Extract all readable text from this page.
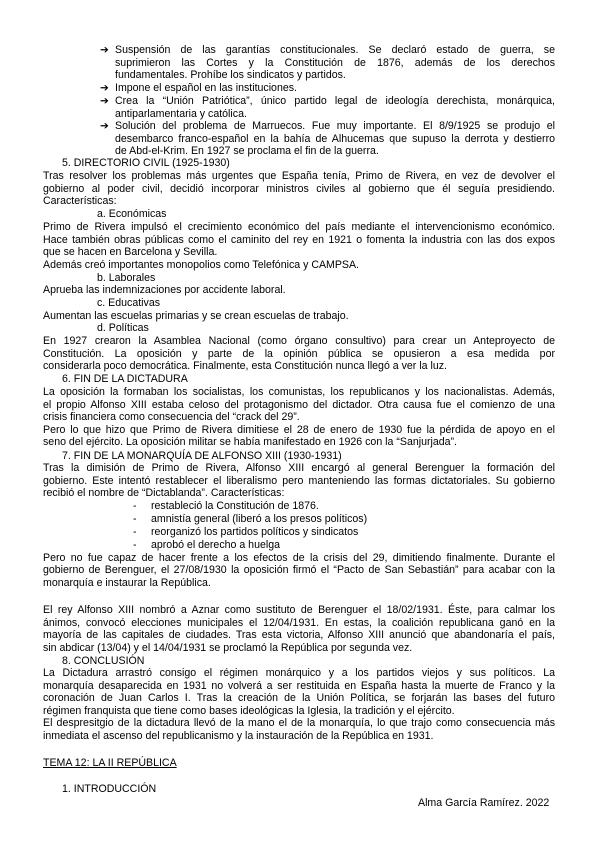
➔ Suspensión de las garantías constitucionales. Se declaró estado de guerra, se
suprimieron las Cortes y la Constitución de 1876, además de los derechos
fundamentales. Prohíbe los sindicatos y partidos.
➔ Impone el español en las instituciones.
➔ Crea la “Unión Patriótica”, único partido legal de ideología derechista, monárquica,
antiparlamentaria y católica.
➔ Solución del problema de Marruecos. Fue muy importante. El 8/9/1925 se produjo el
desembarco franco-español en la bahía de Alhucemas que supuso la derrota y destierro
de Abd-el-Krim. En 1927 se proclama el fin de la guerra.
5. DIRECTORIO CIVIL (1925-1930)
Tras resolver los problemas más urgentes que España tenía, Primo de Rivera, en vez de devolver el
gobierno al poder civil, decidió incorporar ministros civiles al gobierno que él seguía presidiendo.
Características:
a. Económicas
Primo de Rivera impulsó el crecimiento económico del país mediante el intervencionismo económico.
Hace también obras públicas como el caminito del rey en 1921 o fomenta la industria con las dos expos
que se hacen en Barcelona y Sevilla.
Además creó importantes monopolios como Telefónica y CAMPSA.
b. Laborales
Aprueba las indemnizaciones por accidente laboral.
c. Educativas
Aumentan las escuelas primarias y se crean escuelas de trabajo.
d. Políticas
En 1927 crearon la Asamblea Nacional (como órgano consultivo) para crear un Anteproyecto de
Constitución. La oposición y parte de la opinión pública se opusieron a esa medida por
considerarla poco democrática. Finalmente, esta Constitución nunca llegó a ver la luz.
6. FIN DE LA DICTADURA
La oposición la formaban los socialistas, los comunistas, los republicanos y los nacionalistas. Además,
el propio Alfonso XIII estaba celoso del protagonismo del dictador. Otra causa fue el comienzo de una
crisis financiera como consecuencia del “crack del 29”.
Pero lo que hizo que Primo de Rivera dimitiese el 28 de enero de 1930 fue la pérdida de apoyo en el
seno del ejército. La oposición militar se había manifestado en 1926 con la “Sanjurjada”.
7. FIN DE LA MONARQUÍA DE ALFONSO XIII (1930-1931)
Tras la dimisión de Primo de Rivera, Alfonso XIII encargó al general Berenguer la formación del
gobierno. Este intentó restablecer el liberalismo pero manteniendo las formas dictatoriales. Su gobierno
recibió el nombre de “Dictablanda”. Características:
- restableció la Constitución de 1876.
- amnistía general (liberó a los presos políticos)
- reorganizó los partidos políticos y sindicatos
- aprobó el derecho a huelga
Pero no fue capaz de hacer frente a los efectos de la crisis del 29, dimitiendo finalmente. Durante el
gobierno de Berenguer, el 27/08/1930 la oposición firmó el “Pacto de San Sebastián” para acabar con la
monarquía e instaurar la República.
El rey Alfonso XIII nombró a Aznar como sustituto de Berenguer el 18/02/1931. Éste, para calmar los
ánimos, convocó elecciones municipales el 12/04/1931. En estas, la coalición republicana ganó en la
mayoría de las capitales de ciudades. Tras esta victoria, Alfonso XIII anunció que abandonaría el país,
sin abdicar (13/04) y el 14/04/1931 se proclamó la República por segunda vez.
8. CONCLUSIÓN
La Dictadura arrastró consigo el régimen monárquico y a los partidos viejos y sus políticos. La
monarquía desaparecida en 1931 no volverá a ser restituida en España hasta la muerte de Franco y la
coronación de Juan Carlos I. Tras la creación de la Unión Política, se forjarán las bases del futuro
régimen franquista que tiene como bases ideológicas la Iglesia, la tradición y el ejército.
El despresitgio de la dictadura llevó de la mano el de la monarquía, lo que trajo como consecuencia más
inmediata el ascenso del republicanismo y la instauración de la República en 1931.
TEMA 12: LA II REPÚBLICA
1. INTRODUCCIÓN
Alma García Ramírez. 2022
